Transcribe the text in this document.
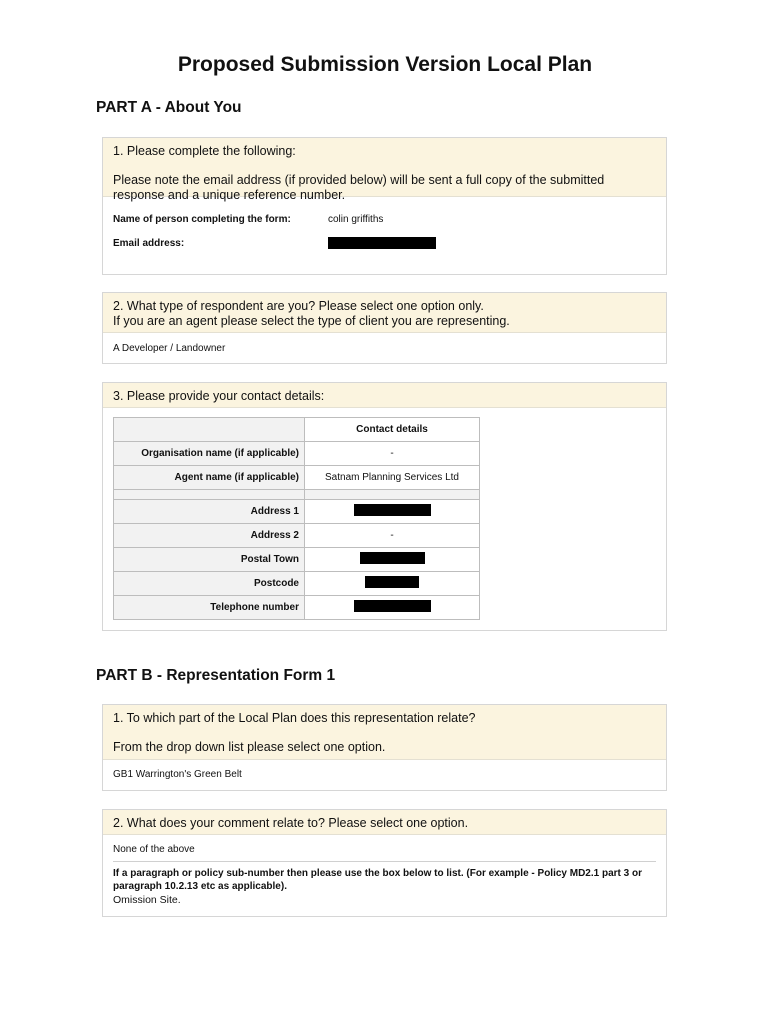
Proposed Submission Version Local Plan
PART A - About You

1. Please complete the following:

Please note the email address (if provided below) will be sent a full copy of the submitted response and a unique reference number.

Name of person completing the form:	colin griffiths
Email address:

2. What type of respondent are you? Please select one option only.

If you are an agent please select the type of client you are representing.

A Developer / Landowner

3. Please provide your contact details:

	Contact details
Organisation name (if applicable)	-
Agent name (if applicable)	Satnam Planning Services Ltd

Address 1	
Address 2	-
Postal Town	
Postcode	
Telephone number	
PART B - Representation Form 1

1. To which part of the Local Plan does this representation relate?

From the drop down list please select one option.

GB1 Warrington's Green Belt

2. What does your comment relate to? Please select one option.

None of the above
If a paragraph or policy sub-number then please use the box below to list. (For example - Policy MD2.1 part 3 or paragraph 10.2.13 etc as applicable).
Omission Site.
